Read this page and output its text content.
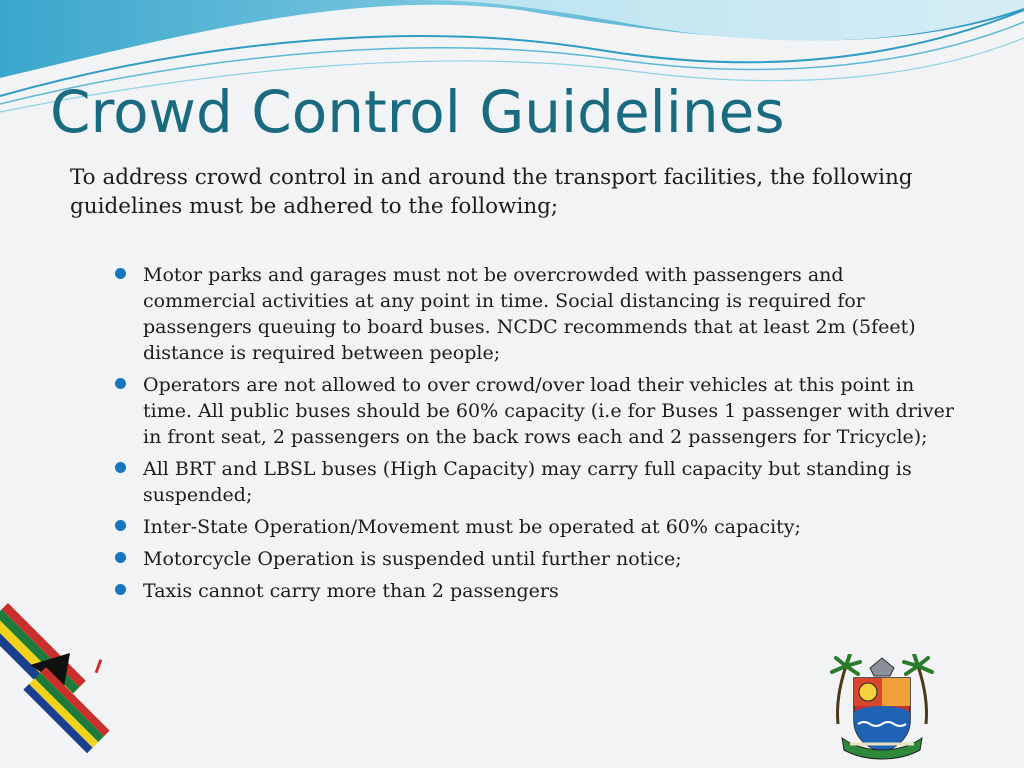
Crowd Control Guidelines

To address crowd control in and around the transport facilities, the following guidelines must be adhered to the following;

Motor parks and garages must not be overcrowded with passengers and commercial activities at any point in time. Social distancing is required for passengers queuing to board buses. NCDC recommends that at least 2m (5feet) distance is required between people;
Operators are not allowed to over crowd/over load their vehicles at this point in time. All public buses should be 60% capacity (i.e for Buses 1 passenger with driver in front seat, 2 passengers on the back rows each and 2 passengers for Tricycle);
All BRT and LBSL buses (High Capacity) may carry full capacity but standing is suspended;
Inter-State Operation/Movement must be operated at 60% capacity;
Motorcycle Operation is suspended until further notice;
Taxis cannot carry more than 2 passengers
